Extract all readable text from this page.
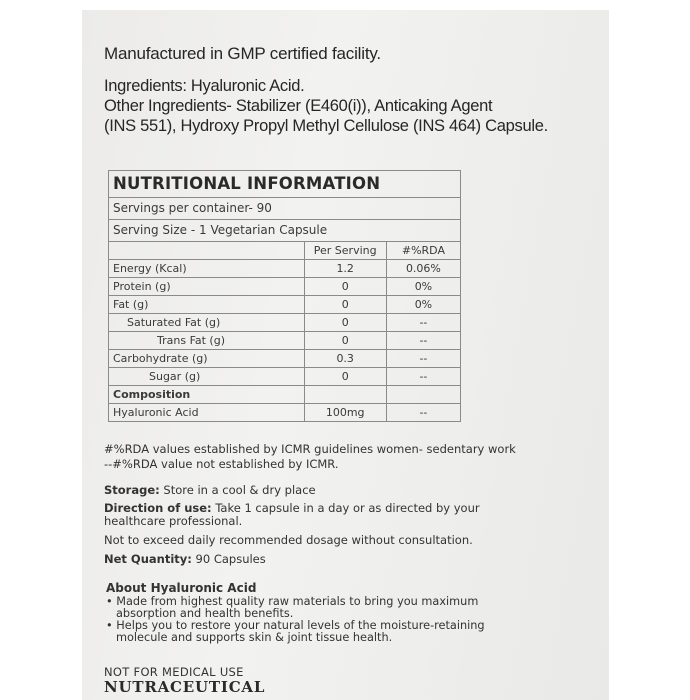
Manufactured in GMP certified facility.
Ingredients: Hyaluronic Acid.
Other Ingredients- Stabilizer (E460(i)), Anticaking Agent
(INS 551), Hydroxy Propyl Methyl Cellulose (INS 464) Capsule.
NUTRITIONAL INFORMATION		
Servings per container- 90		
Serving Size - 1 Vegetarian Capsule		
	Per Serving	#%RDA
Energy (Kcal)	1.2	0.06%
Protein (g)	0	0%
Fat (g)	0	0%
Saturated Fat (g)	0	--
Trans Fat (g)	0	--
Carbohydrate (g)	0.3	--
Sugar (g)	0	--
Composition		
Hyaluronic Acid	100mg	--
#%RDA values established by ICMR guidelines women- sedentary work
--#%RDA value not established by ICMR.
Storage: Store in a cool & dry place
Direction of use: Take 1 capsule in a day or as directed by your
healthcare professional.
Not to exceed daily recommended dosage without consultation.
Net Quantity: 90 Capsules
About Hyaluronic Acid
• Made from highest quality raw materials to bring you maximum
absorption and health benefits.
• Helps you to restore your natural levels of the moisture-retaining
molecule and supports skin & joint tissue health.
NOT FOR MEDICAL USE
NUTRACEUTICAL
